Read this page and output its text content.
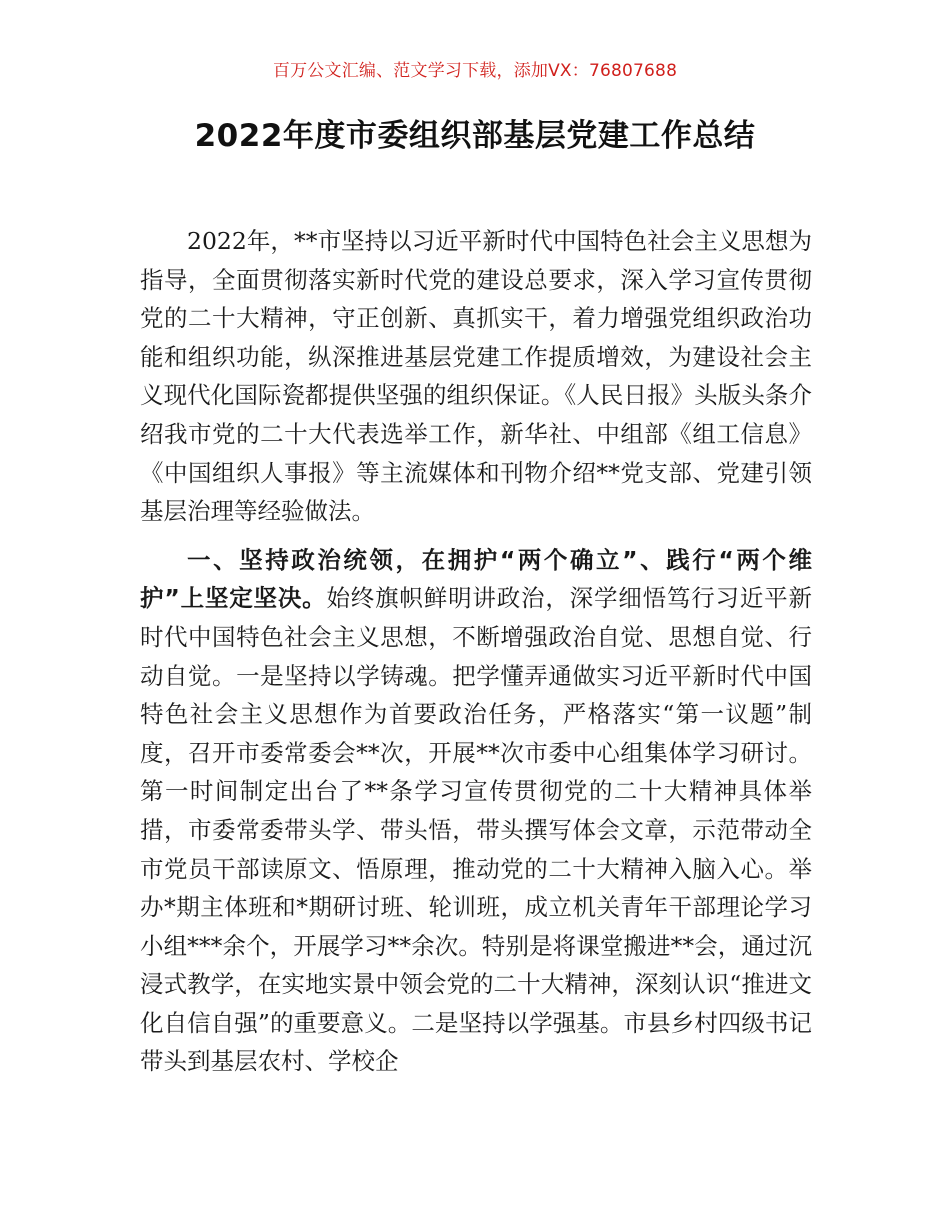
百万公文汇编、范文学习下载，添加VX：76807688
2022年度市委组织部基层党建工作总结

2022年，**市坚持以习近平新时代中国特色社会主义思想为指导，全面贯彻落实新时代党的建设总要求，深入学习宣传贯彻党的二十大精神，守正创新、真抓实干，着力增强党组织政治功能和组织功能，纵深推进基层党建工作提质增效，为建设社会主义现代化国际瓷都提供坚强的组织保证。《人民日报》头版头条介绍我市党的二十大代表选举工作，新华社、中组部《组工信息》《中国组织人事报》等主流媒体和刊物介绍**党支部、党建引领基层治理等经验做法。

一、坚持政治统领，在拥护“两个确立”、践行“两个维护”上坚定坚决。始终旗帜鲜明讲政治，深学细悟笃行习近平新时代中国特色社会主义思想，不断增强政治自觉、思想自觉、行动自觉。一是坚持以学铸魂。把学懂弄通做实习近平新时代中国特色社会主义思想作为首要政治任务，严格落实“第一议题”制度，召开市委常委会**次，开展**次市委中心组集体学习研讨。第一时间制定出台了**条学习宣传贯彻党的二十大精神具体举措，市委常委带头学、带头悟，带头撰写体会文章，示范带动全市党员干部读原文、悟原理，推动党的二十大精神入脑入心。举办*期主体班和*期研讨班、轮训班，成立机关青年干部理论学习小组***余个，开展学习**余次。特别是将课堂搬进**会，通过沉浸式教学，在实地实景中领会党的二十大精神，深刻认识“推进文化自信自强”的重要意义。二是坚持以学强基。市县乡村四级书记带头到基层农村、学校企
